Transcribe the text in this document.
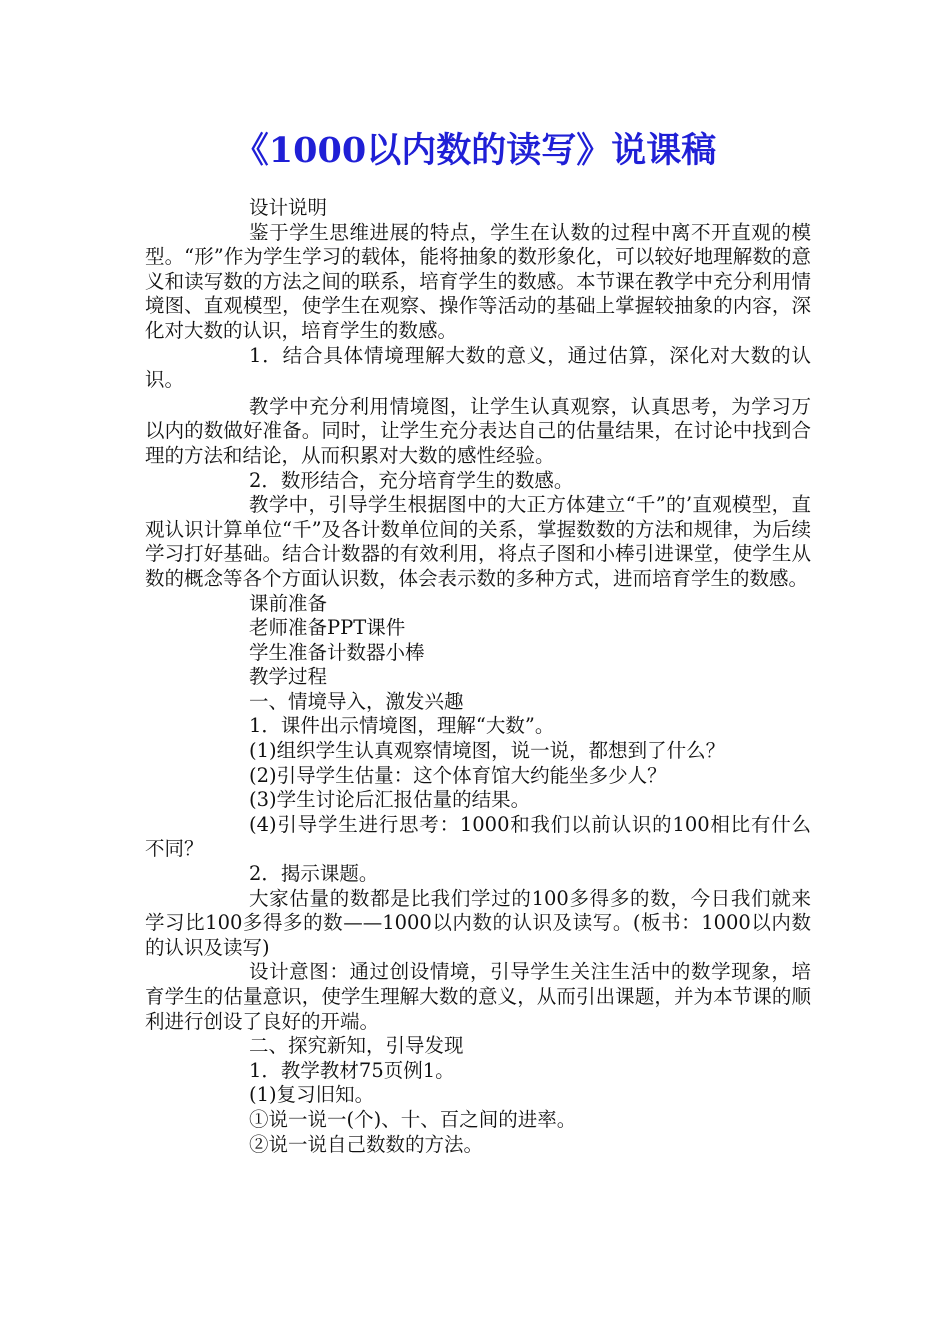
《1000以内数的读写》说课稿

设计说明

鉴于学生思维进展的特点，学生在认数的过程中离不开直观的模型。“形”作为学生学习的载体，能将抽象的数形象化，可以较好地理解数的意义和读写数的方法之间的联系，培育学生的数感。本节课在教学中充分利用情境图、直观模型，使学生在观察、操作等活动的基础上掌握较抽象的内容，深化对大数的认识，培育学生的数感。

1．结合具体情境理解大数的意义，通过估算，深化对大数的认识。

教学中充分利用情境图，让学生认真观察，认真思考，为学习万以内的数做好准备。同时，让学生充分表达自己的估量结果，在讨论中找到合理的方法和结论，从而积累对大数的感性经验。

2．数形结合，充分培育学生的数感。

教学中，引导学生根据图中的大正方体建立“千”的’直观模型，直观认识计算单位“千”及各计数单位间的关系，掌握数数的方法和规律，为后续学习打好基础。结合计数器的有效利用，将点子图和小棒引进课堂，使学生从数的概念等各个方面认识数，体会表示数的多种方式，进而培育学生的数感。

课前准备

老师准备PPT课件

学生准备计数器小棒

教学过程

一、情境导入，激发兴趣

1．课件出示情境图，理解“大数”。

(1)组织学生认真观察情境图，说一说，都想到了什么？

(2)引导学生估量：这个体育馆大约能坐多少人？

(3)学生讨论后汇报估量的结果。

(4)引导学生进行思考：1000和我们以前认识的100相比有什么不同？

2．揭示课题。

大家估量的数都是比我们学过的100多得多的数，今日我们就来学习比100多得多的数——1000以内数的认识及读写。(板书：1000以内数的认识及读写)

设计意图：通过创设情境，引导学生关注生活中的数学现象，培育学生的估量意识，使学生理解大数的意义，从而引出课题，并为本节课的顺利进行创设了良好的开端。

二、探究新知，引导发现

1．教学教材75页例1。

(1)复习旧知。

①说一说一(个)、十、百之间的进率。

②说一说自己数数的方法。
